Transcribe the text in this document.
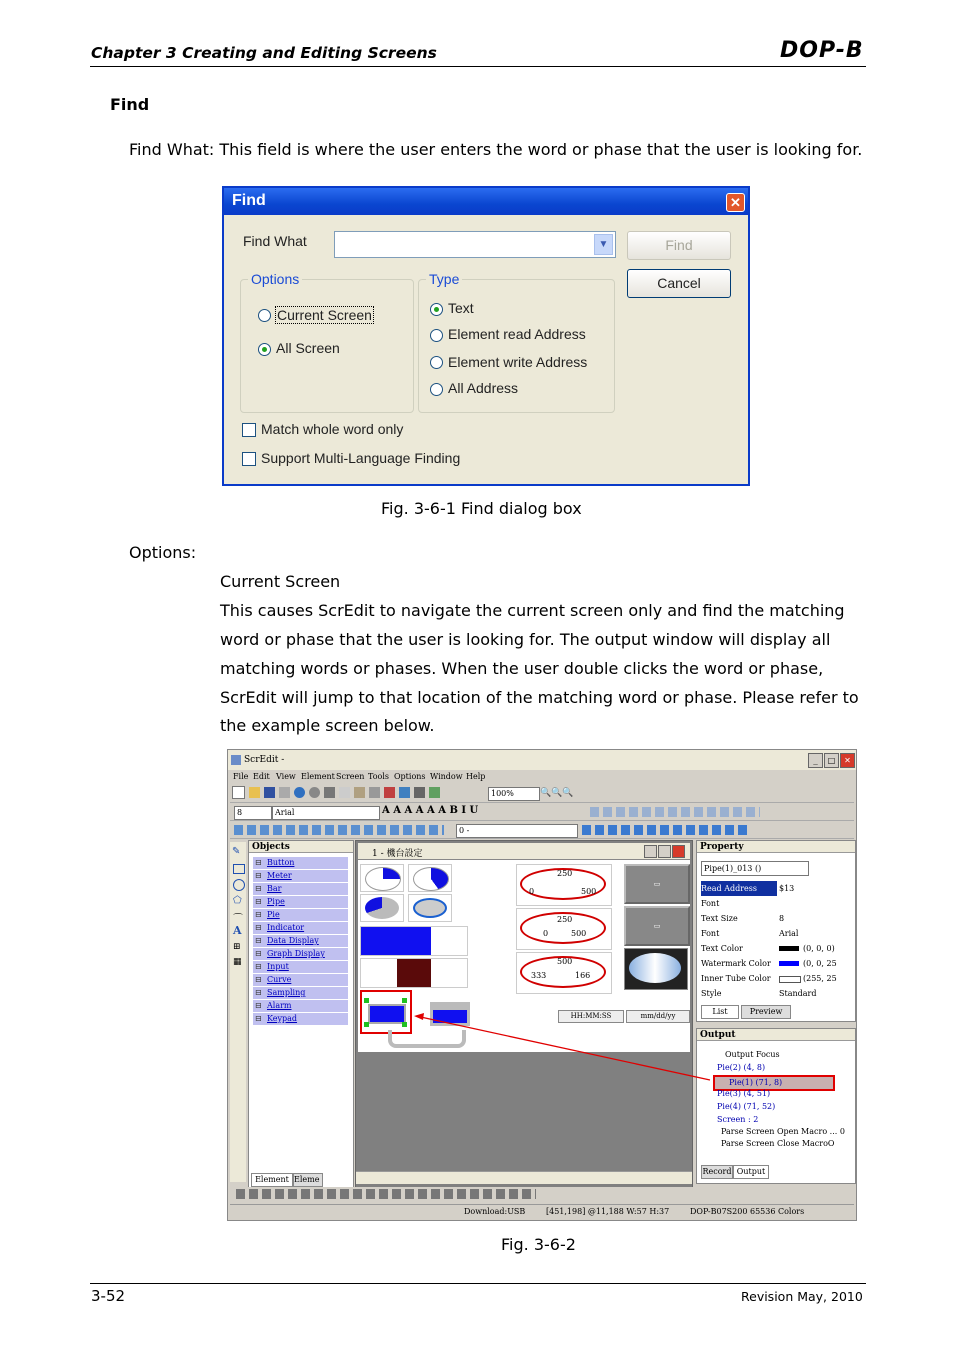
Chapter 3 Creating and Editing Screens	DOP-B
Find
Find What: This field is where the user enters the word or phase that the user is looking for.
Find	✕
Find What	▼	Find
Cancel
Options
Current Screen
All Screen
Type
Text
Element read Address
Element write Address
All Address
Match whole word only
Support Multi-Language Finding
Fig. 3-6-1 Find dialog box
Options:
Current Screen
This causes ScrEdit to navigate the current screen only and find the matching
word or phase that the user is looking for. The output window will display all
matching words or phases. When the user double clicks the word or phase,
ScrEdit will jump to that location of the matching word or phase. Please refer to
the example screen below.
ScrEdit -	_	□	✕
File Edit View Element Screen Tools Options Window Help
100%	🔍🔍🔍
8	Arial	A A A A A A B I U
0 -
✎
⬠
⌒
A
⊞
▦
Objects
⊟ Button
⊟ Meter
⊟ Bar
⊟ Pipe
⊟ Pie
⊟ Indicator
⊟ Data Display
⊟ Graph Display
⊟ Input
⊟ Curve
⊟ Sampling
⊟ Alarm
⊟ Keypad
Element Eleme
1 - 機台設定
250
0	500
250
0	500
500
333	166
▭
▭
HH:MM:SS	mm/dd/yy
Property
Pipe(1)_013 ()
Read Address	$13
Font
Text Size	8
Font	Arial
Text Color	(0, 0, 0)
Watermark Color	(0, 0, 25
Inner Tube Color	(255, 25
Style	Standard
List	Preview
Output
Output Focus
Pie(2) (4, 8)
Pie(1) (71, 8)
Pie(3) (4, 51)
Pie(4) (71, 52)
Screen : 2
Parse Screen Open Macro ... 0
Parse Screen Close MacroO
Record Output
Download:USB	[451,198] @11,188 W:57 H:37	DOP-B07S200 65536 Colors
Fig. 3-6-2
3-52	Revision May, 2010
